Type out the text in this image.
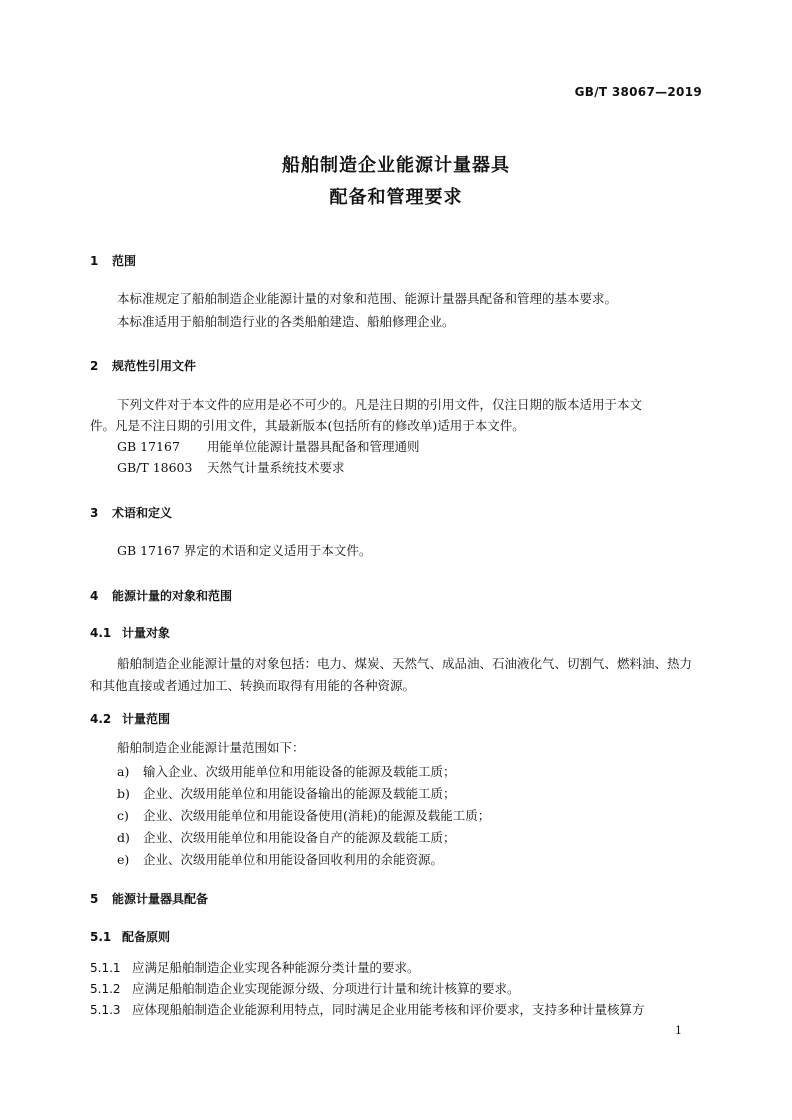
GB/T 38067—2019
船舶制造企业能源计量器具
配备和管理要求
1 范围
本标准规定了船舶制造企业能源计量的对象和范围、能源计量器具配备和管理的基本要求。
本标准适用于船舶制造行业的各类船舶建造、船舶修理企业。
2 规范性引用文件
下列文件对于本文件的应用是必不可少的。凡是注日期的引用文件，仅注日期的版本适用于本文
件。凡是不注日期的引用文件，其最新版本(包括所有的修改单)适用于本文件。
GB 17167 用能单位能源计量器具配备和管理通则
GB/T 18603 天然气计量系统技术要求
3 术语和定义
GB 17167 界定的术语和定义适用于本文件。
4 能源计量的对象和范围
4.1 计量对象
船舶制造企业能源计量的对象包括：电力、煤炭、天然气、成品油、石油液化气、切割气、燃料油、热力
和其他直接或者通过加工、转换而取得有用能的各种资源。
4.2 计量范围
船舶制造企业能源计量范围如下：
a) 输入企业、次级用能单位和用能设备的能源及载能工质；
b) 企业、次级用能单位和用能设备输出的能源及载能工质；
c) 企业、次级用能单位和用能设备使用(消耗)的能源及载能工质；
d) 企业、次级用能单位和用能设备自产的能源及载能工质；
e) 企业、次级用能单位和用能设备回收利用的余能资源。
5 能源计量器具配备
5.1 配备原则
5.1.1 应满足船舶制造企业实现各种能源分类计量的要求。
5.1.2 应满足船舶制造企业实现能源分级、分项进行计量和统计核算的要求。
5.1.3 应体现船舶制造企业能源利用特点，同时满足企业用能考核和评价要求，支持多种计量核算方
1
